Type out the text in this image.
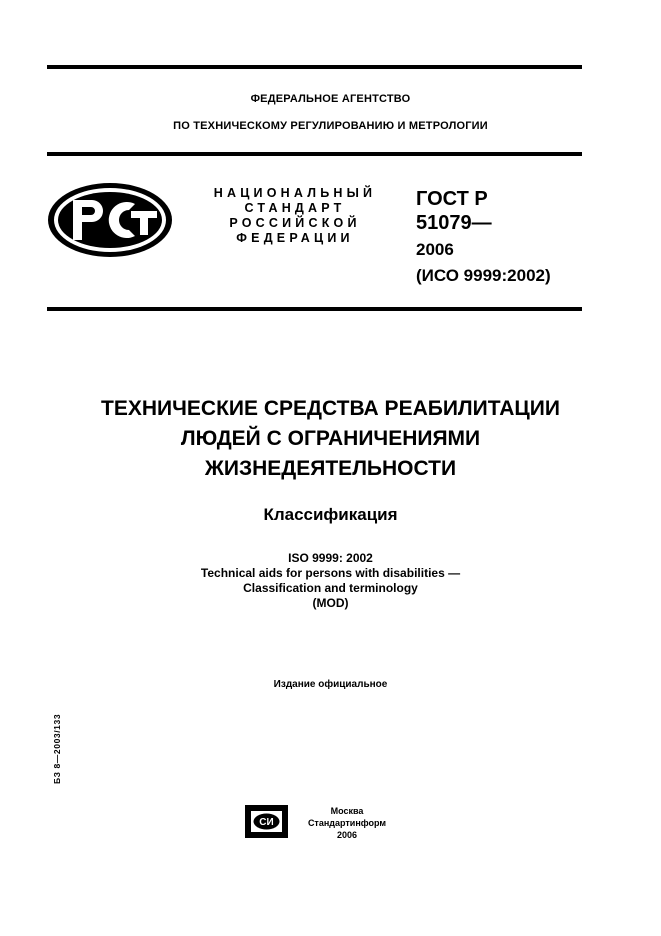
ФЕДЕРАЛЬНОЕ АГЕНТСТВО
ПО ТЕХНИЧЕСКОМУ РЕГУЛИРОВАНИЮ И МЕТРОЛОГИИ
НАЦИОНАЛЬНЫЙ
СТАНДАРТ
РОССИЙСКОЙ
ФЕДЕРАЦИИ
ГОСТ Р
51079—
2006
(ИСО 9999:2002)
ТЕХНИЧЕСКИЕ СРЕДСТВА РЕАБИЛИТАЦИИ
ЛЮДЕЙ С ОГРАНИЧЕНИЯМИ
ЖИЗНЕДЕЯТЕЛЬНОСТИ
Классификация
ISO 9999: 2002
Technical aids for persons with disabilities —
Classification and terminology
(MOD)
Издание официальное
БЗ 8—2003/133
СИ
Москва
Стандартинформ
2006
